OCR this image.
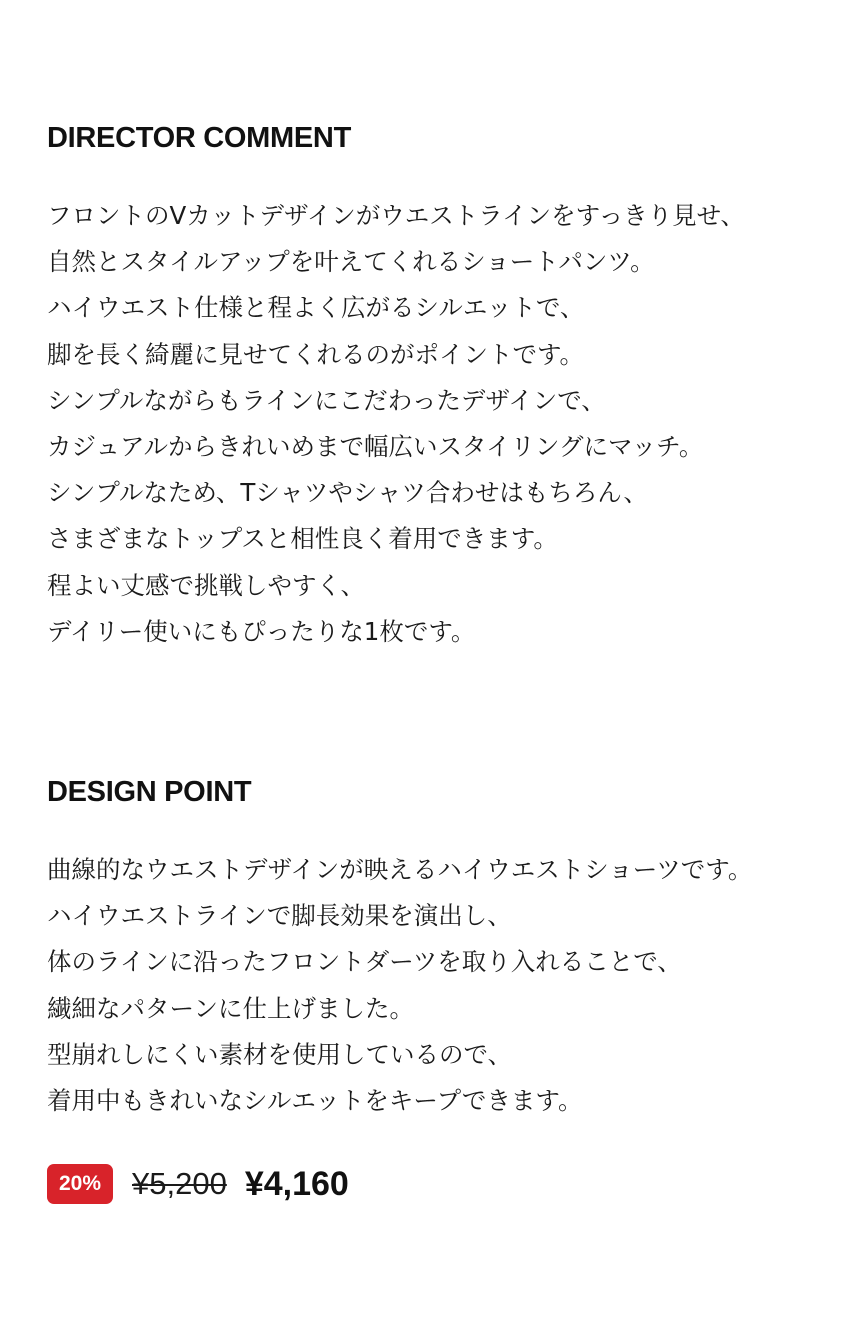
DIRECTOR COMMENT
フロントのVカットデザインがウエストラインをすっきり見せ、
自然とスタイルアップを叶えてくれるショートパンツ。
ハイウエスト仕様と程よく広がるシルエットで、
脚を長く綺麗に見せてくれるのがポイントです。
シンプルながらもラインにこだわったデザインで、
カジュアルからきれいめまで幅広いスタイリングにマッチ。
シンプルなため、Tシャツやシャツ合わせはもちろん、
さまざまなトップスと相性良く着用できます。
程よい丈感で挑戦しやすく、
デイリー使いにもぴったりな1枚です。
DESIGN POINT
曲線的なウエストデザインが映えるハイウエストショーツです。
ハイウエストラインで脚長効果を演出し、
体のラインに沿ったフロントダーツを取り入れることで、
繊細なパターンに仕上げました。
型崩れしにくい素材を使用しているので、
着用中もきれいなシルエットをキープできます。
20% ¥5,200 ¥4,160
